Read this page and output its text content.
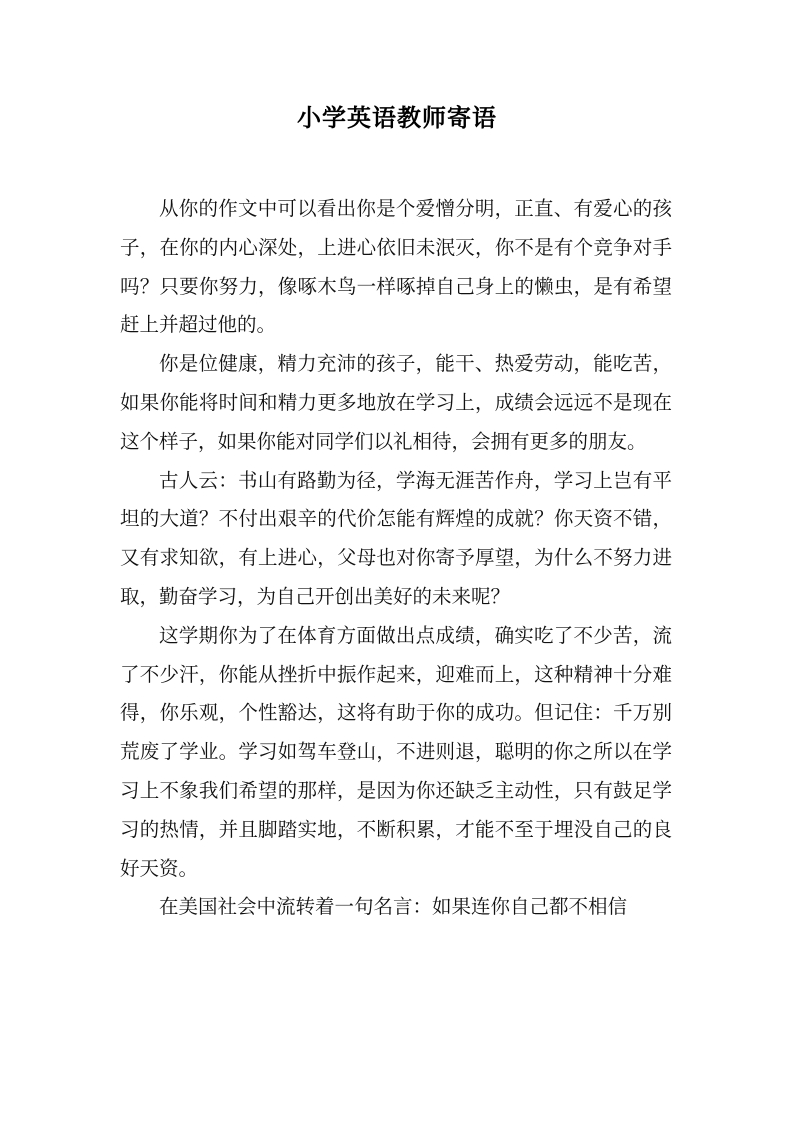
小学英语教师寄语

从你的作文中可以看出你是个爱憎分明，正直、有爱心的孩子，在你的内心深处，上进心依旧未泯灭，你不是有个竞争对手吗？只要你努力，像啄木鸟一样啄掉自己身上的懒虫，是有希望赶上并超过他的。

你是位健康，精力充沛的孩子，能干、热爱劳动，能吃苦，如果你能将时间和精力更多地放在学习上，成绩会远远不是现在这个样子，如果你能对同学们以礼相待，会拥有更多的朋友。

古人云：书山有路勤为径，学海无涯苦作舟，学习上岂有平坦的大道？不付出艰辛的代价怎能有辉煌的成就？你天资不错，又有求知欲，有上进心，父母也对你寄予厚望，为什么不努力进取，勤奋学习，为自己开创出美好的未来呢？

这学期你为了在体育方面做出点成绩，确实吃了不少苦，流了不少汗，你能从挫折中振作起来，迎难而上，这种精神十分难得，你乐观，个性豁达，这将有助于你的成功。但记住：千万别荒废了学业。学习如驾车登山，不进则退，聪明的你之所以在学习上不象我们希望的那样，是因为你还缺乏主动性，只有鼓足学习的热情，并且脚踏实地，不断积累，才能不至于埋没自己的良好天资。

在美国社会中流转着一句名言：如果连你自己都不相信
